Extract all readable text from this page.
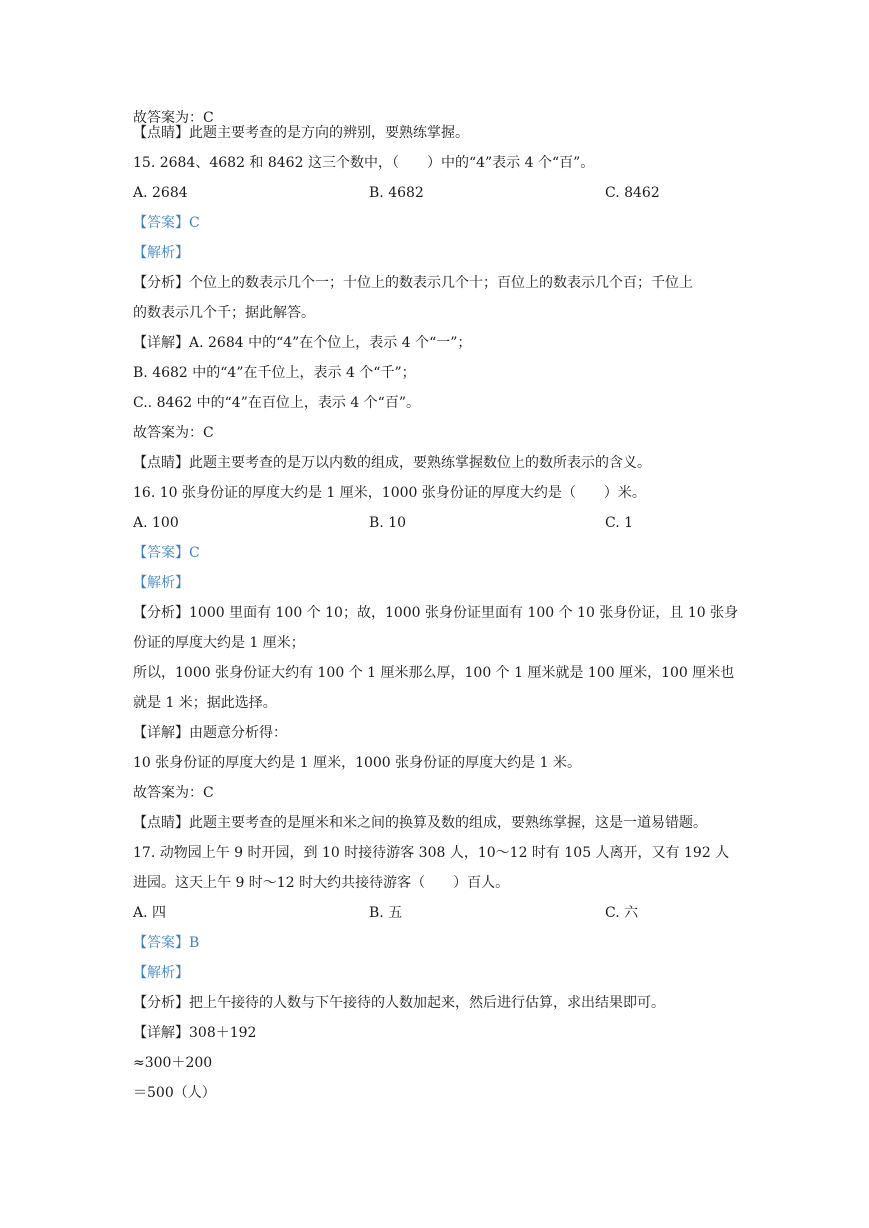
故答案为：C
【点睛】此题主要考查的是方向的辨别，要熟练掌握。
15. 2684、4682 和 8462 这三个数中，（　　）中的“4”表示 4 个“百”。
A. 2684	B. 4682	C. 8462
【答案】C
【解析】
【分析】个位上的数表示几个一；十位上的数表示几个十；百位上的数表示几个百；千位上
的数表示几个千；据此解答。
【详解】A. 2684 中的“4”在个位上，表示 4 个“一”；
B. 4682 中的“4”在千位上，表示 4 个“千”；
C.. 8462 中的“4”在百位上，表示 4 个“百”。
故答案为：C
【点睛】此题主要考查的是万以内数的组成，要熟练掌握数位上的数所表示的含义。
16. 10 张身份证的厚度大约是 1 厘米，1000 张身份证的厚度大约是（　　）米。
A. 100	B. 10	C. 1
【答案】C
【解析】
【分析】1000 里面有 100 个 10；故，1000 张身份证里面有 100 个 10 张身份证，且 10 张身
份证的厚度大约是 1 厘米；
所以，1000 张身份证大约有 100 个 1 厘米那么厚，100 个 1 厘米就是 100 厘米，100 厘米也
就是 1 米；据此选择。
【详解】由题意分析得：
10 张身份证的厚度大约是 1 厘米，1000 张身份证的厚度大约是 1 米。
故答案为：C
【点睛】此题主要考查的是厘米和米之间的换算及数的组成，要熟练掌握，这是一道易错题。
17. 动物园上午 9 时开园，到 10 时接待游客 308 人，10～12 时有 105 人离开，又有 192 人
进园。这天上午 9 时～12 时大约共接待游客（　　）百人。
A. 四	B. 五	C. 六
【答案】B
【解析】
【分析】把上午接待的人数与下午接待的人数加起来，然后进行估算，求出结果即可。
【详解】308＋192
≈300＋200
＝500（人）
